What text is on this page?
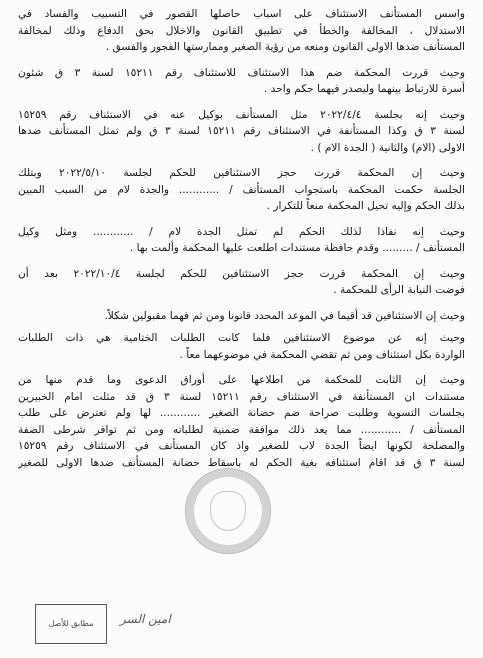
واسس المستأنف الاستئناف على اسباب حاصلها القصور في التسبيب والفساد في
الاستدلال ، المخالفة والخطأ في تطبيق القانون والاخلال بحق الدفاع وذلك لمخالفة
المستأنف ضدها الاولى القانون ومنعه من رؤية الصغير وممارستها الفجور والفسق .
وحيث قررت المحكمة ضم هذا الاستئناف للاستئناف رقم ١٥٢١١ لسنة ٣ ق شئون
أسرة للارتباط بينهما وليصدر فيهما حكم واحد .
وحيث إنه بجلسة ٢٠٢٢/٤/٤ مثل المستأنف بوكيل عنه في الاستئناف رقم ١٥٢٥٩
لسنة ٣ ق وكذا المستأنفة في الاستئناف رقم ١٥٢١١ لسنة ٣ ق ولم تمثل المستأنف ضدها
الاولى (الام) والثانية ( الجدة الام ) .
وحيث إن المحكمة قررت حجز الاستئنافين للحكم لجلسة ٢٠٢٢/٥/١٠ وبتلك
الجلسة حكمت المحكمة باستجواب المستأنف / ............ والجدة لام من السبب المبين
بذلك الحكم وإليه تحيل المحكمة منعاً للتكرار .
وحيث إنه نفاذا لذلك الحكم لم تمثل الجدة لام / ............ ومثل وكيل
المستأنف / ......... وقدم حافظة مستندات اطلعت عليها المحكمة وألمت بها .
وحيث إن المحكمة قررت حجز الاستئنافين للحكم لجلسة ٢٠٢٢/١٠/٤ بعد أن
فوضت النيابة الرأى للمحكمة .
وحيث إن الاستئنافين قد أقيما في الموعد المحدد قانونا ومن ثم فهما مقبولين شكلاً.
وحيث إنه عن موضوع الاستئنافين فلما كانت الطلبات الختامية هي ذات الطلبات
الواردة بكل استئناف ومن ثم تقضي المحكمة في موضوعهما معاً .
وحيث إن الثابت للمحكمة من اطلاعها على أوراق الدعوى وما قدم منها من
مستندات ان المستأنفة في الاستئناف رقم ١٥٢١١ لسنة ٣ ق قد مثلت امام الخبيرين
بجلسات التسوية وطلبت صراحة ضم حضانة الصغير ............ لها ولم تعترض على طلب
المستأنف / ............ مما يعد ذلك موافقة ضمنية لطلباته ومن ثم توافر شرطى الصفة
والمصلحة لكونها ايضاً الجدة لاب للصغير واذ كان المستأنف في الاستئناف رقم ١٥٢٥٩
لسنة ٣ ق قد اقام استئنافه بغية الحكم له باسقاط حضانة المستأنف ضدها الاولى للصغير
مطابق للأصل	امين السر
